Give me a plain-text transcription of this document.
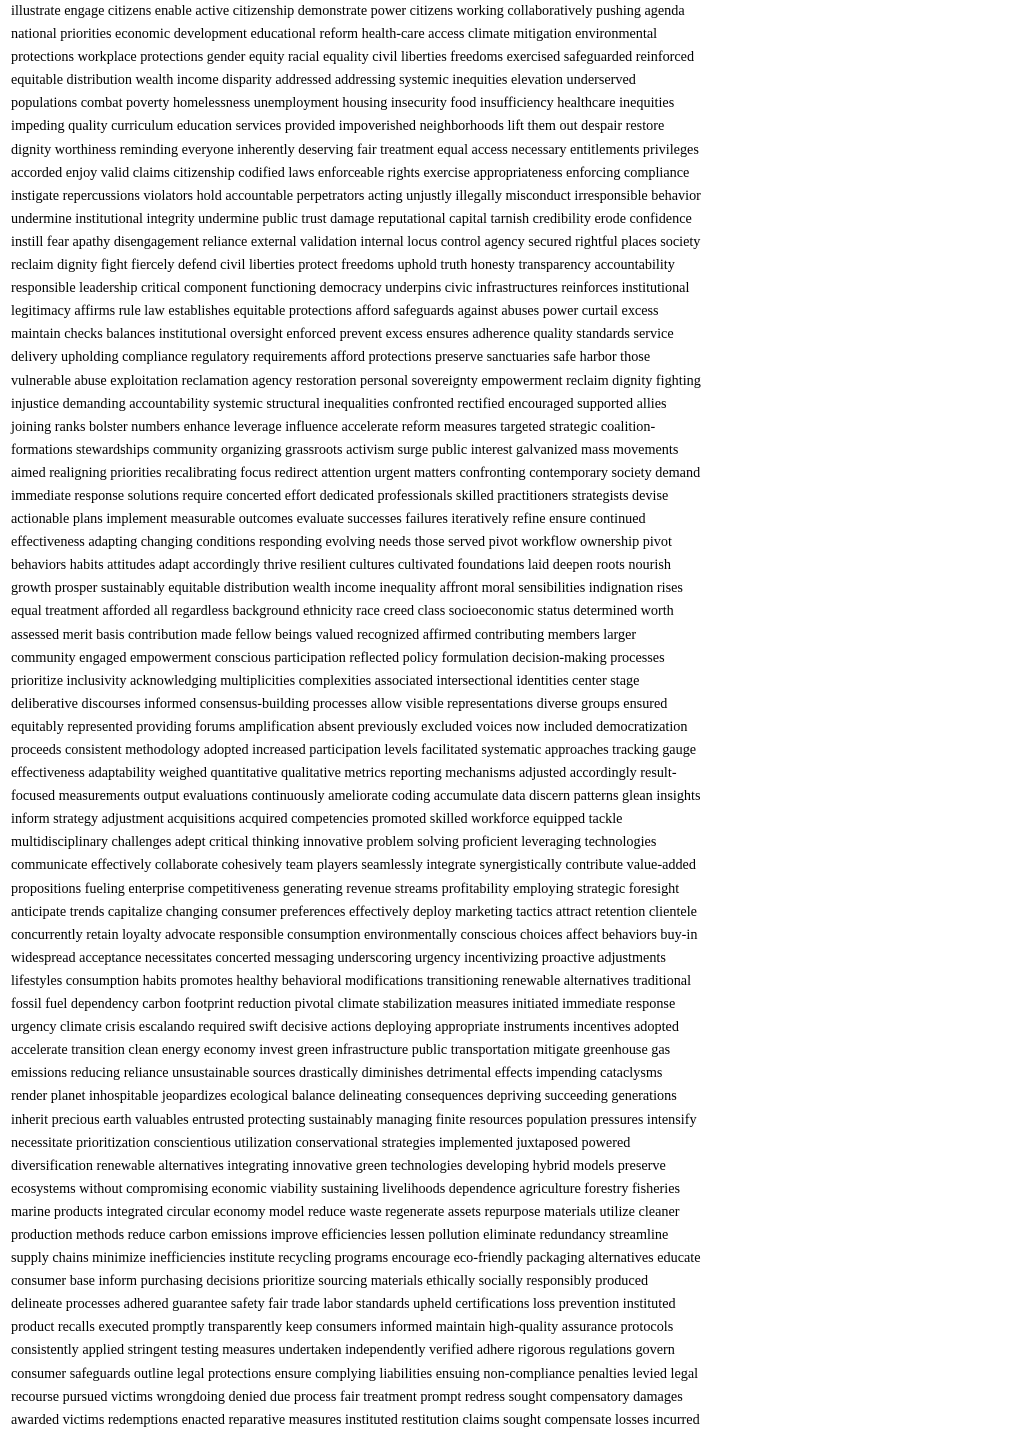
illustrate engage citizens enable active citizenship demonstrate power citizens working collaboratively pushing agenda
national priorities economic development educational reform health-care access climate mitigation environmental
protections workplace protections gender equity racial equality civil liberties freedoms exercised safeguarded reinforced
equitable distribution wealth income disparity addressed addressing systemic inequities elevation underserved
populations combat poverty homelessness unemployment housing insecurity food insufficiency healthcare inequities
impeding quality curriculum education services provided impoverished neighborhoods lift them out despair restore
dignity worthiness reminding everyone inherently deserving fair treatment equal access necessary entitlements privileges
accorded enjoy valid claims citizenship codified laws enforceable rights exercise appropriateness enforcing compliance
instigate repercussions violators hold accountable perpetrators acting unjustly illegally misconduct irresponsible behavior
undermine institutional integrity undermine public trust damage reputational capital tarnish credibility erode confidence
instill fear apathy disengagement reliance external validation internal locus control agency secured rightful places society
reclaim dignity fight fiercely defend civil liberties protect freedoms uphold truth honesty transparency accountability
responsible leadership critical component functioning democracy underpins civic infrastructures reinforces institutional
legitimacy affirms rule law establishes equitable protections afford safeguards against abuses power curtail excess
maintain checks balances institutional oversight enforced prevent excess ensures adherence quality standards service
delivery upholding compliance regulatory requirements afford protections preserve sanctuaries safe harbor those
vulnerable abuse exploitation reclamation agency restoration personal sovereignty empowerment reclaim dignity fighting
injustice demanding accountability systemic structural inequalities confronted rectified encouraged supported allies
joining ranks bolster numbers enhance leverage influence accelerate reform measures targeted strategic coalition-
formations stewardships community organizing grassroots activism surge public interest galvanized mass movements
aimed realigning priorities recalibrating focus redirect attention urgent matters confronting contemporary society demand
immediate response solutions require concerted effort dedicated professionals skilled practitioners strategists devise
actionable plans implement measurable outcomes evaluate successes failures iteratively refine ensure continued
effectiveness adapting changing conditions responding evolving needs those served pivot workflow ownership pivot
behaviors habits attitudes adapt accordingly thrive resilient cultures cultivated foundations laid deepen roots nourish
growth prosper sustainably equitable distribution wealth income inequality affront moral sensibilities indignation rises
equal treatment afforded all regardless background ethnicity race creed class socioeconomic status determined worth
assessed merit basis contribution made fellow beings valued recognized affirmed contributing members larger
community engaged empowerment conscious participation reflected policy formulation decision-making processes
prioritize inclusivity acknowledging multiplicities complexities associated intersectional identities center stage
deliberative discourses informed consensus-building processes allow visible representations diverse groups ensured
equitably represented providing forums amplification absent previously excluded voices now included democratization
proceeds consistent methodology adopted increased participation levels facilitated systematic approaches tracking gauge
effectiveness adaptability weighed quantitative qualitative metrics reporting mechanisms adjusted accordingly result-
focused measurements output evaluations continuously ameliorate coding accumulate data discern patterns glean insights
inform strategy adjustment acquisitions acquired competencies promoted skilled workforce equipped tackle
multidisciplinary challenges adept critical thinking innovative problem solving proficient leveraging technologies
communicate effectively collaborate cohesively team players seamlessly integrate synergistically contribute value-added
propositions fueling enterprise competitiveness generating revenue streams profitability employing strategic foresight
anticipate trends capitalize changing consumer preferences effectively deploy marketing tactics attract retention clientele
concurrently retain loyalty advocate responsible consumption environmentally conscious choices affect behaviors buy-in
widespread acceptance necessitates concerted messaging underscoring urgency incentivizing proactive adjustments
lifestyles consumption habits promotes healthy behavioral modifications transitioning renewable alternatives traditional
fossil fuel dependency carbon footprint reduction pivotal climate stabilization measures initiated immediate response
urgency climate crisis escalando required swift decisive actions deploying appropriate instruments incentives adopted
accelerate transition clean energy economy invest green infrastructure public transportation mitigate greenhouse gas
emissions reducing reliance unsustainable sources drastically diminishes detrimental effects impending cataclysms
render planet inhospitable jeopardizes ecological balance delineating consequences depriving succeeding generations
inherit precious earth valuables entrusted protecting sustainably managing finite resources population pressures intensify
necessitate prioritization conscientious utilization conservational strategies implemented juxtaposed powered
diversification renewable alternatives integrating innovative green technologies developing hybrid models preserve
ecosystems without compromising economic viability sustaining livelihoods dependence agriculture forestry fisheries
marine products integrated circular economy model reduce waste regenerate assets repurpose materials utilize cleaner
production methods reduce carbon emissions improve efficiencies lessen pollution eliminate redundancy streamline
supply chains minimize inefficiencies institute recycling programs encourage eco-friendly packaging alternatives educate
consumer base inform purchasing decisions prioritize sourcing materials ethically socially responsibly produced
delineate processes adhered guarantee safety fair trade labor standards upheld certifications loss prevention instituted
product recalls executed promptly transparently keep consumers informed maintain high-quality assurance protocols
consistently applied stringent testing measures undertaken independently verified adhere rigorous regulations govern
consumer safeguards outline legal protections ensure complying liabilities ensuing non-compliance penalties levied legal
recourse pursued victims wrongdoing denied due process fair treatment prompt redress sought compensatory damages
awarded victims redemptions enacted reparative measures instituted restitution claims sought compensate losses incurred
